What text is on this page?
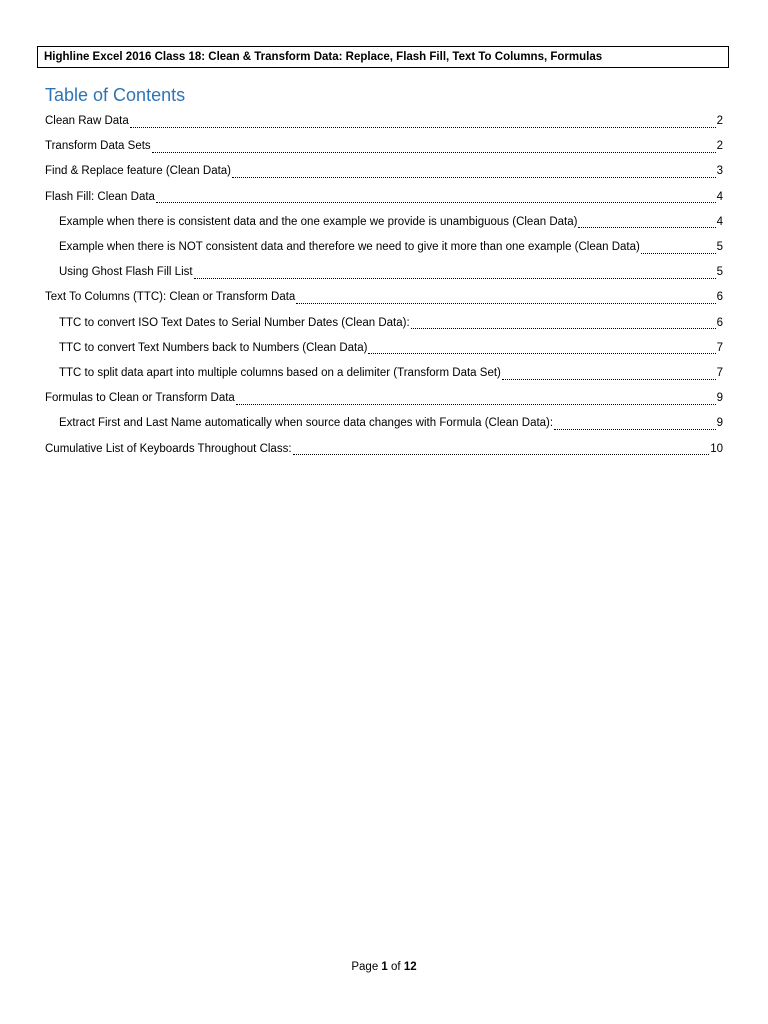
Highline Excel 2016 Class 18: Clean & Transform Data: Replace, Flash Fill, Text To Columns, Formulas
Table of Contents
Clean Raw Data	2
Transform Data Sets	2
Find & Replace feature (Clean Data)	3
Flash Fill: Clean Data	4
Example when there is consistent data and the one example we provide is unambiguous (Clean Data)	4
Example when there is NOT consistent data and therefore we need to give it more than one example (Clean Data)	5
Using Ghost Flash Fill List	5
Text To Columns (TTC): Clean or Transform Data	6
TTC to convert ISO Text Dates to Serial Number Dates (Clean Data):	6
TTC to convert Text Numbers back to Numbers (Clean Data)	7
TTC to split data apart into multiple columns based on a delimiter (Transform Data Set)	7
Formulas to Clean or Transform Data	9
Extract First and Last Name automatically when source data changes with Formula (Clean Data):	9
Cumulative List of Keyboards Throughout Class:	10
Page 1 of 12
